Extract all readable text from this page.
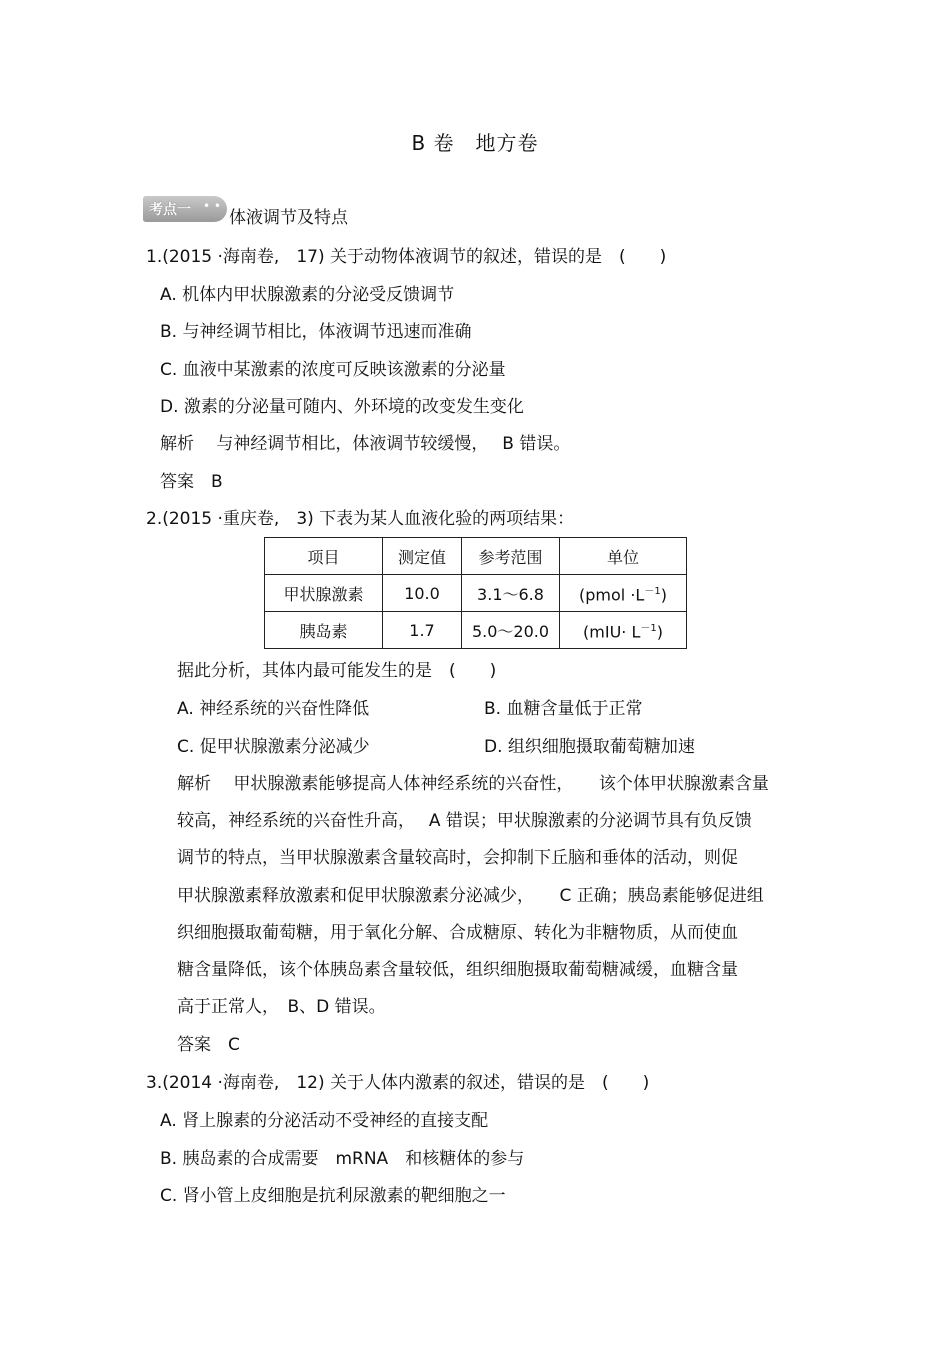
B 卷　地方卷
考点一 • •
体液调节及特点
1.(2015 ·海南卷,　17) 关于动物体液调节的叙述，错误的是　(　　)
A. 机体内甲状腺激素的分泌受反馈调节
B. 与神经调节相比，体液调节迅速而准确
C. 血液中某激素的浓度可反映该激素的分泌量
D. 激素的分泌量可随内、外环境的改变发生变化
解析　 与神经调节相比，体液调节较缓慢，　 B 错误。
答案　B
2.(2015 ·重庆卷,　3) 下表为某人血液化验的两项结果：
项目	测定值	参考范围	单位
甲状腺激素	10.0	3.1～6.8	(pmol $\cdot L^{-1}$)
胰岛素	1.7	5.0～20.0	$(mIU\cdot L^{-1})$
据此分析，其体内最可能发生的是　(　　)
A. 神经系统的兴奋性降低	B. 血糖含量低于正常
C. 促甲状腺激素分泌减少	D. 组织细胞摄取葡萄糖加速
解析　 甲状腺激素能够提高人体神经系统的兴奋性，　　该个体甲状腺激素含量
较高，神经系统的兴奋性升高，　 A 错误；甲状腺激素的分泌调节具有负反馈
调节的特点，当甲状腺激素含量较高时，会抑制下丘脑和垂体的活动，则促
甲状腺激素释放激素和促甲状腺激素分泌减少，　　C 正确；胰岛素能够促进组
织细胞摄取葡萄糖，用于氧化分解、合成糖原、转化为非糖物质，从而使血
糖含量降低，该个体胰岛素含量较低，组织细胞摄取葡萄糖减缓，血糖含量
高于正常人，　B、D 错误。
答案　C
3.(2014 ·海南卷,　12) 关于人体内激素的叙述，错误的是　(　　)
A. 肾上腺素的分泌活动不受神经的直接支配
B. 胰岛素的合成需要　mRNA　和核糖体的参与
C. 肾小管上皮细胞是抗利尿激素的靶细胞之一
